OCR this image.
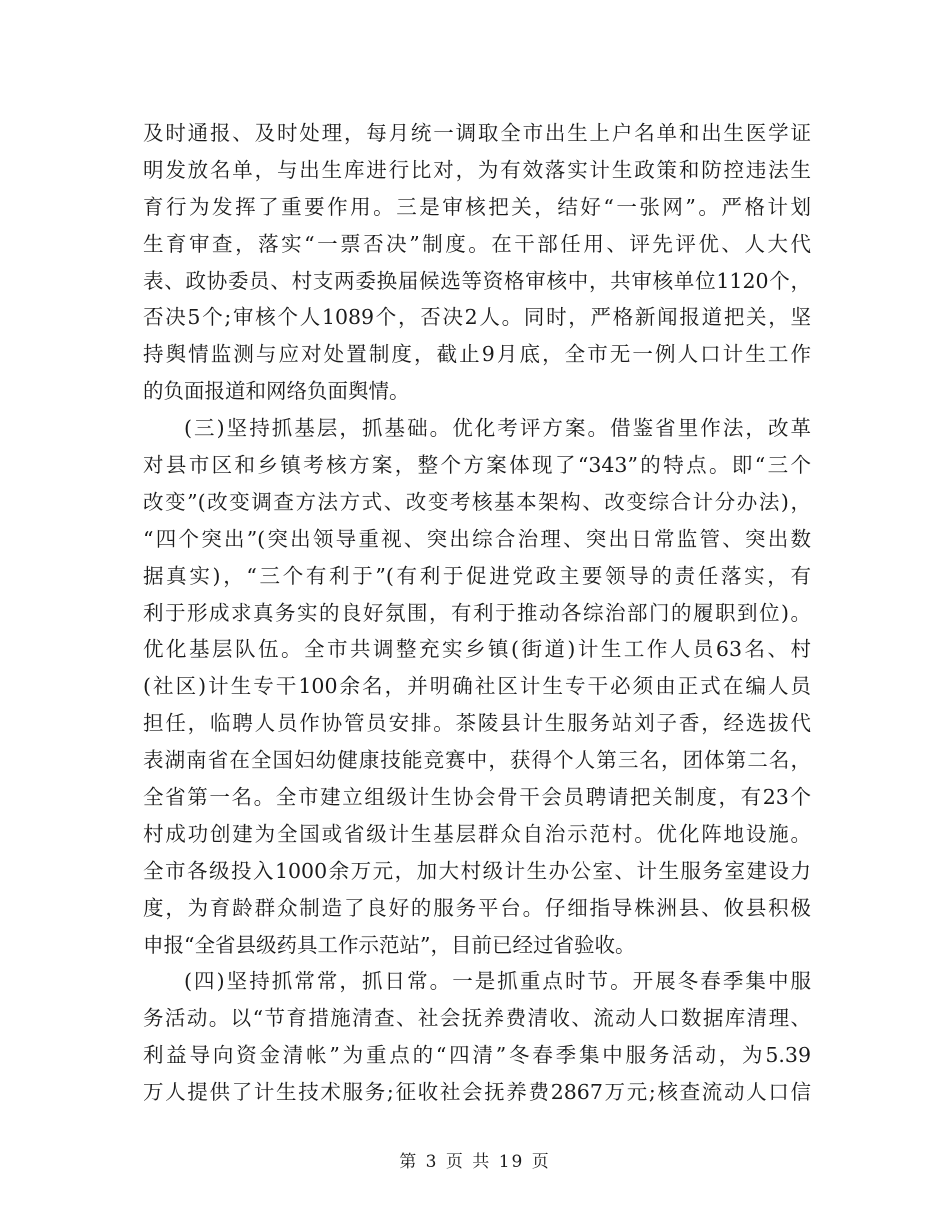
及时通报、及时处理，每月统一调取全市出生上户名单和出生医学证
明发放名单，与出生库进行比对，为有效落实计生政策和防控违法生
育行为发挥了重要作用。三是审核把关，结好“一张网”。严格计划
生育审查，落实“一票否决”制度。在干部任用、评先评优、人大代
表、政协委员、村支两委换届候选等资格审核中，共审核单位1120个，
否决5个;审核个人1089个，否决2人。同时，严格新闻报道把关，坚
持舆情监测与应对处置制度，截止9月底，全市无一例人口计生工作
的负面报道和网络负面舆情。
(三)坚持抓基层，抓基础。优化考评方案。借鉴省里作法，改革
对县市区和乡镇考核方案，整个方案体现了“343”的特点。即“三个
改变”(改变调查方法方式、改变考核基本架构、改变综合计分办法)，
“四个突出”(突出领导重视、突出综合治理、突出日常监管、突出数
据真实)，“三个有利于”(有利于促进党政主要领导的责任落实，有
利于形成求真务实的良好氛围，有利于推动各综治部门的履职到位)。
优化基层队伍。全市共调整充实乡镇(街道)计生工作人员63名、村
(社区)计生专干100余名，并明确社区计生专干必须由正式在编人员
担任，临聘人员作协管员安排。茶陵县计生服务站刘子香，经选拔代
表湖南省在全国妇幼健康技能竞赛中，获得个人第三名，团体第二名，
全省第一名。全市建立组级计生协会骨干会员聘请把关制度，有23个
村成功创建为全国或省级计生基层群众自治示范村。优化阵地设施。
全市各级投入1000余万元，加大村级计生办公室、计生服务室建设力
度，为育龄群众制造了良好的服务平台。仔细指导株洲县、攸县积极
申报“全省县级药具工作示范站”，目前已经过省验收。
(四)坚持抓常常，抓日常。一是抓重点时节。开展冬春季集中服
务活动。以“节育措施清查、社会抚养费清收、流动人口数据库清理、
利益导向资金清帐”为重点的“四清”冬春季集中服务活动，为5.39
万人提供了计生技术服务;征收社会抚养费2867万元;核查流动人口信
第 3 页 共 19 页
